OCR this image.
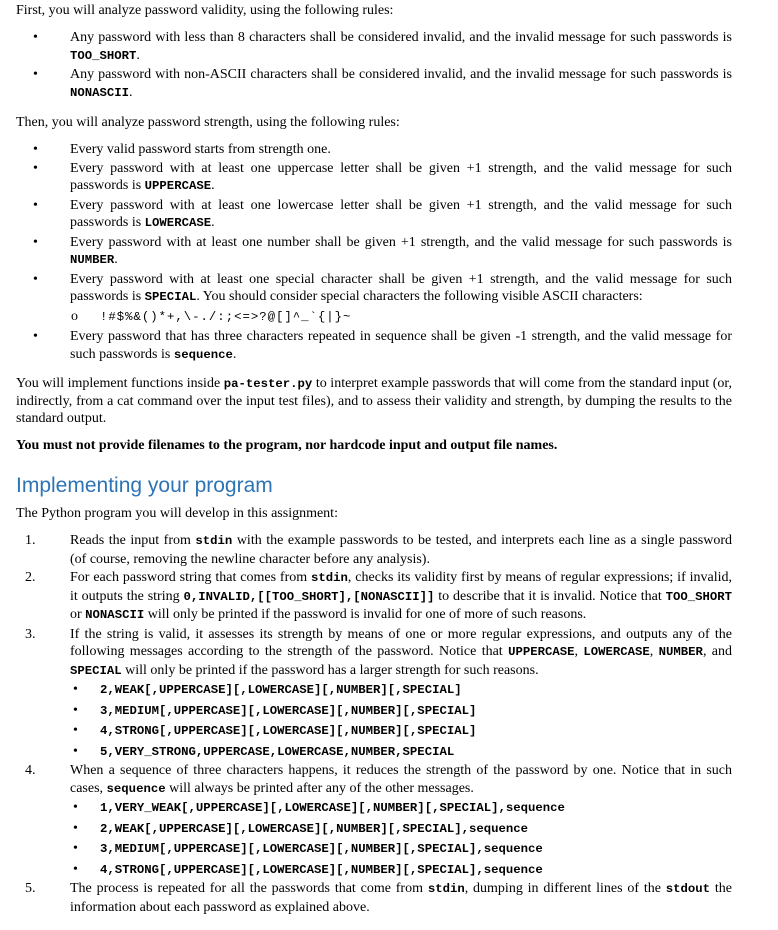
First, you will analyze password validity, using the following rules:

• Any password with less than 8 characters shall be considered invalid, and the invalid message for such passwords is TOO_SHORT.
• Any password with non-ASCII characters shall be considered invalid, and the invalid message for such passwords is NONASCII.

Then, you will analyze password strength, using the following rules:

• Every valid password starts from strength one.
• Every password with at least one uppercase letter shall be given +1 strength, and the valid message for such passwords is UPPERCASE.
• Every password with at least one lowercase letter shall be given +1 strength, and the valid message for such passwords is LOWERCASE.
• Every password with at least one number shall be given +1 strength, and the valid message for such passwords is NUMBER.
• Every password with at least one special character shall be given +1 strength, and the valid message for such passwords is SPECIAL. You should consider special characters the following visible ASCII characters:
o !#$%&()*+,\-./:;<=>?@[]^_`{|}~
• Every password that has three characters repeated in sequence shall be given -1 strength, and the valid message for such passwords is sequence.

You will implement functions inside pa-tester.py to interpret example passwords that will come from the standard input (or, indirectly, from a cat command over the input test files), and to assess their validity and strength, by dumping the results to the standard output.

You must not provide filenames to the program, nor hardcode input and output file names.

Implementing your program

The Python program you will develop in this assignment:

1. Reads the input from stdin with the example passwords to be tested, and interprets each line as a single password (of course, removing the newline character before any analysis).
2. For each password string that comes from stdin, checks its validity first by means of regular expressions; if invalid, it outputs the string 0,INVALID,[[TOO_SHORT],[NONASCII]] to describe that it is invalid. Notice that TOO_SHORT or NONASCII will only be printed if the password is invalid for one of more of such reasons.
3. If the string is valid, it assesses its strength by means of one or more regular expressions, and outputs any of the following messages according to the strength of the password. Notice that UPPERCASE, LOWERCASE, NUMBER, and SPECIAL will only be printed if the password has a larger strength for such reasons.
• 2,WEAK[,UPPERCASE][,LOWERCASE][,NUMBER][,SPECIAL]
• 3,MEDIUM[,UPPERCASE][,LOWERCASE][,NUMBER][,SPECIAL]
• 4,STRONG[,UPPERCASE][,LOWERCASE][,NUMBER][,SPECIAL]
• 5,VERY_STRONG,UPPERCASE,LOWERCASE,NUMBER,SPECIAL
4. When a sequence of three characters happens, it reduces the strength of the password by one. Notice that in such cases, sequence will always be printed after any of the other messages.
• 1,VERY_WEAK[,UPPERCASE][,LOWERCASE][,NUMBER][,SPECIAL],sequence
• 2,WEAK[,UPPERCASE][,LOWERCASE][,NUMBER][,SPECIAL],sequence
• 3,MEDIUM[,UPPERCASE][,LOWERCASE][,NUMBER][,SPECIAL],sequence
• 4,STRONG[,UPPERCASE][,LOWERCASE][,NUMBER][,SPECIAL],sequence
5. The process is repeated for all the passwords that come from stdin, dumping in different lines of the stdout the information about each password as explained above.
